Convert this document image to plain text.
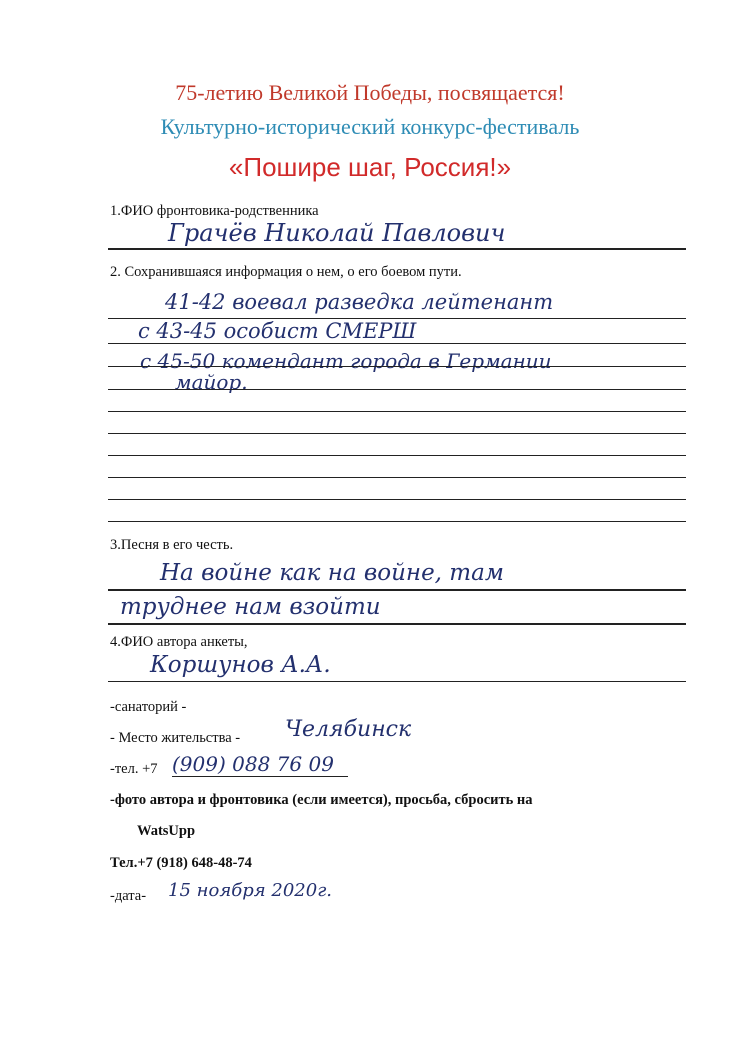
75-летию Великой Победы, посвящается!
Культурно-исторический конкурс-фестиваль
«Пошире шаг, Россия!»
1.ФИО фронтовика-родственника
Грачёв Николай Павлович
2. Сохранившаяся информация о нем, о его боевом пути.
41-42 воевал разведка лейтенант
с 43-45 особист СМЕРШ
с 45-50 комендант города в Германии
майор.
3.Песня в его честь.
На войне как на войне, там
труднее нам взойти
4.ФИО автора анкеты,
Коршунов А.А.
-санаторий -
- Место жительства - Челябинск
-тел. +7 (909) 088 76 09
-фото автора и фронтовика (если имеется), просьба, сбросить на
WatsUpp
Тел.+7 (918) 648-48-74
-дата- 15 ноября 2020г.
